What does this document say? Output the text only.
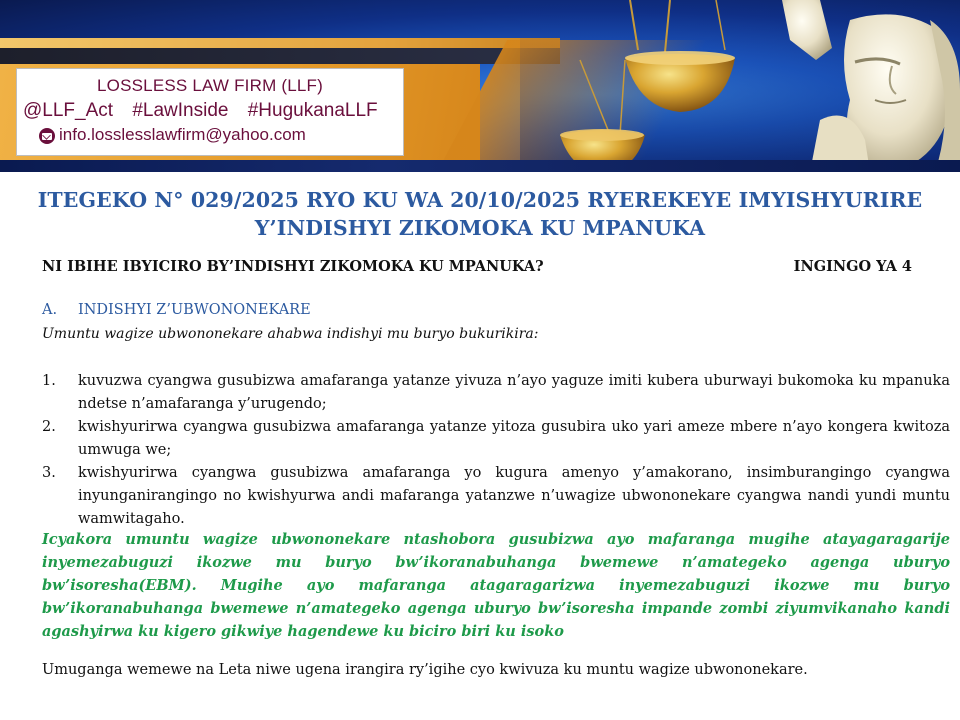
LOSSLESS LAW FIRM (LLF)
@LLF_Act #LawInside #HugukanaLLF
info.losslesslawfirm@yahoo.com
ITEGEKO N° 029/2025 RYO KU WA 20/10/2025 RYEREKEYE IMYISHYURIRE
Y’INDISHYI ZIKOMOKA KU MPANUKA
NI IBIHE IBYICIRO BY’INDISHYI ZIKOMOKA KU MPANUKA?	INGINGO YA 4
A. INDISHYI Z’UBWONONEKARE
Umuntu wagize ubwononekare ahabwa indishyi mu buryo bukurikira:
1. kuvuzwa cyangwa gusubizwa amafaranga yatanze yivuza n’ayo yaguze imiti kubera uburwayi bukomoka ku mpanuka ndetse n’amafaranga y’urugendo;
2. kwishyurirwa cyangwa gusubizwa amafaranga yatanze yitoza gusubira uko yari ameze mbere n’ayo kongera kwitoza umwuga we;
3. kwishyurirwa cyangwa gusubizwa amafaranga yo kugura amenyo y’amakorano, insimburangingo cyangwa inyunganirangingo no kwishyurwa andi mafaranga yatanzwe n’uwagize ubwononekare cyangwa nandi yundi muntu wamwitagaho.
Icyakora umuntu wagize ubwononekare ntashobora gusubizwa ayo mafaranga mugihe atayagaragarije inyemezabuguzi ikozwe mu buryo bw’ikoranabuhanga bwemewe n’amategeko agenga uburyo bw’isoresha(EBM). Mugihe ayo mafaranga atagaragarizwa inyemezabuguzi ikozwe mu buryo bw’ikoranabuhanga bwemewe n’amategeko agenga uburyo bw’isoresha impande zombi ziyumvikanaho kandi agashyirwa ku kigero gikwiye hagendewe ku biciro biri ku isoko
Umuganga wemewe na Leta niwe ugena irangira ry’igihe cyo kwivuza ku muntu wagize ubwononekare.
